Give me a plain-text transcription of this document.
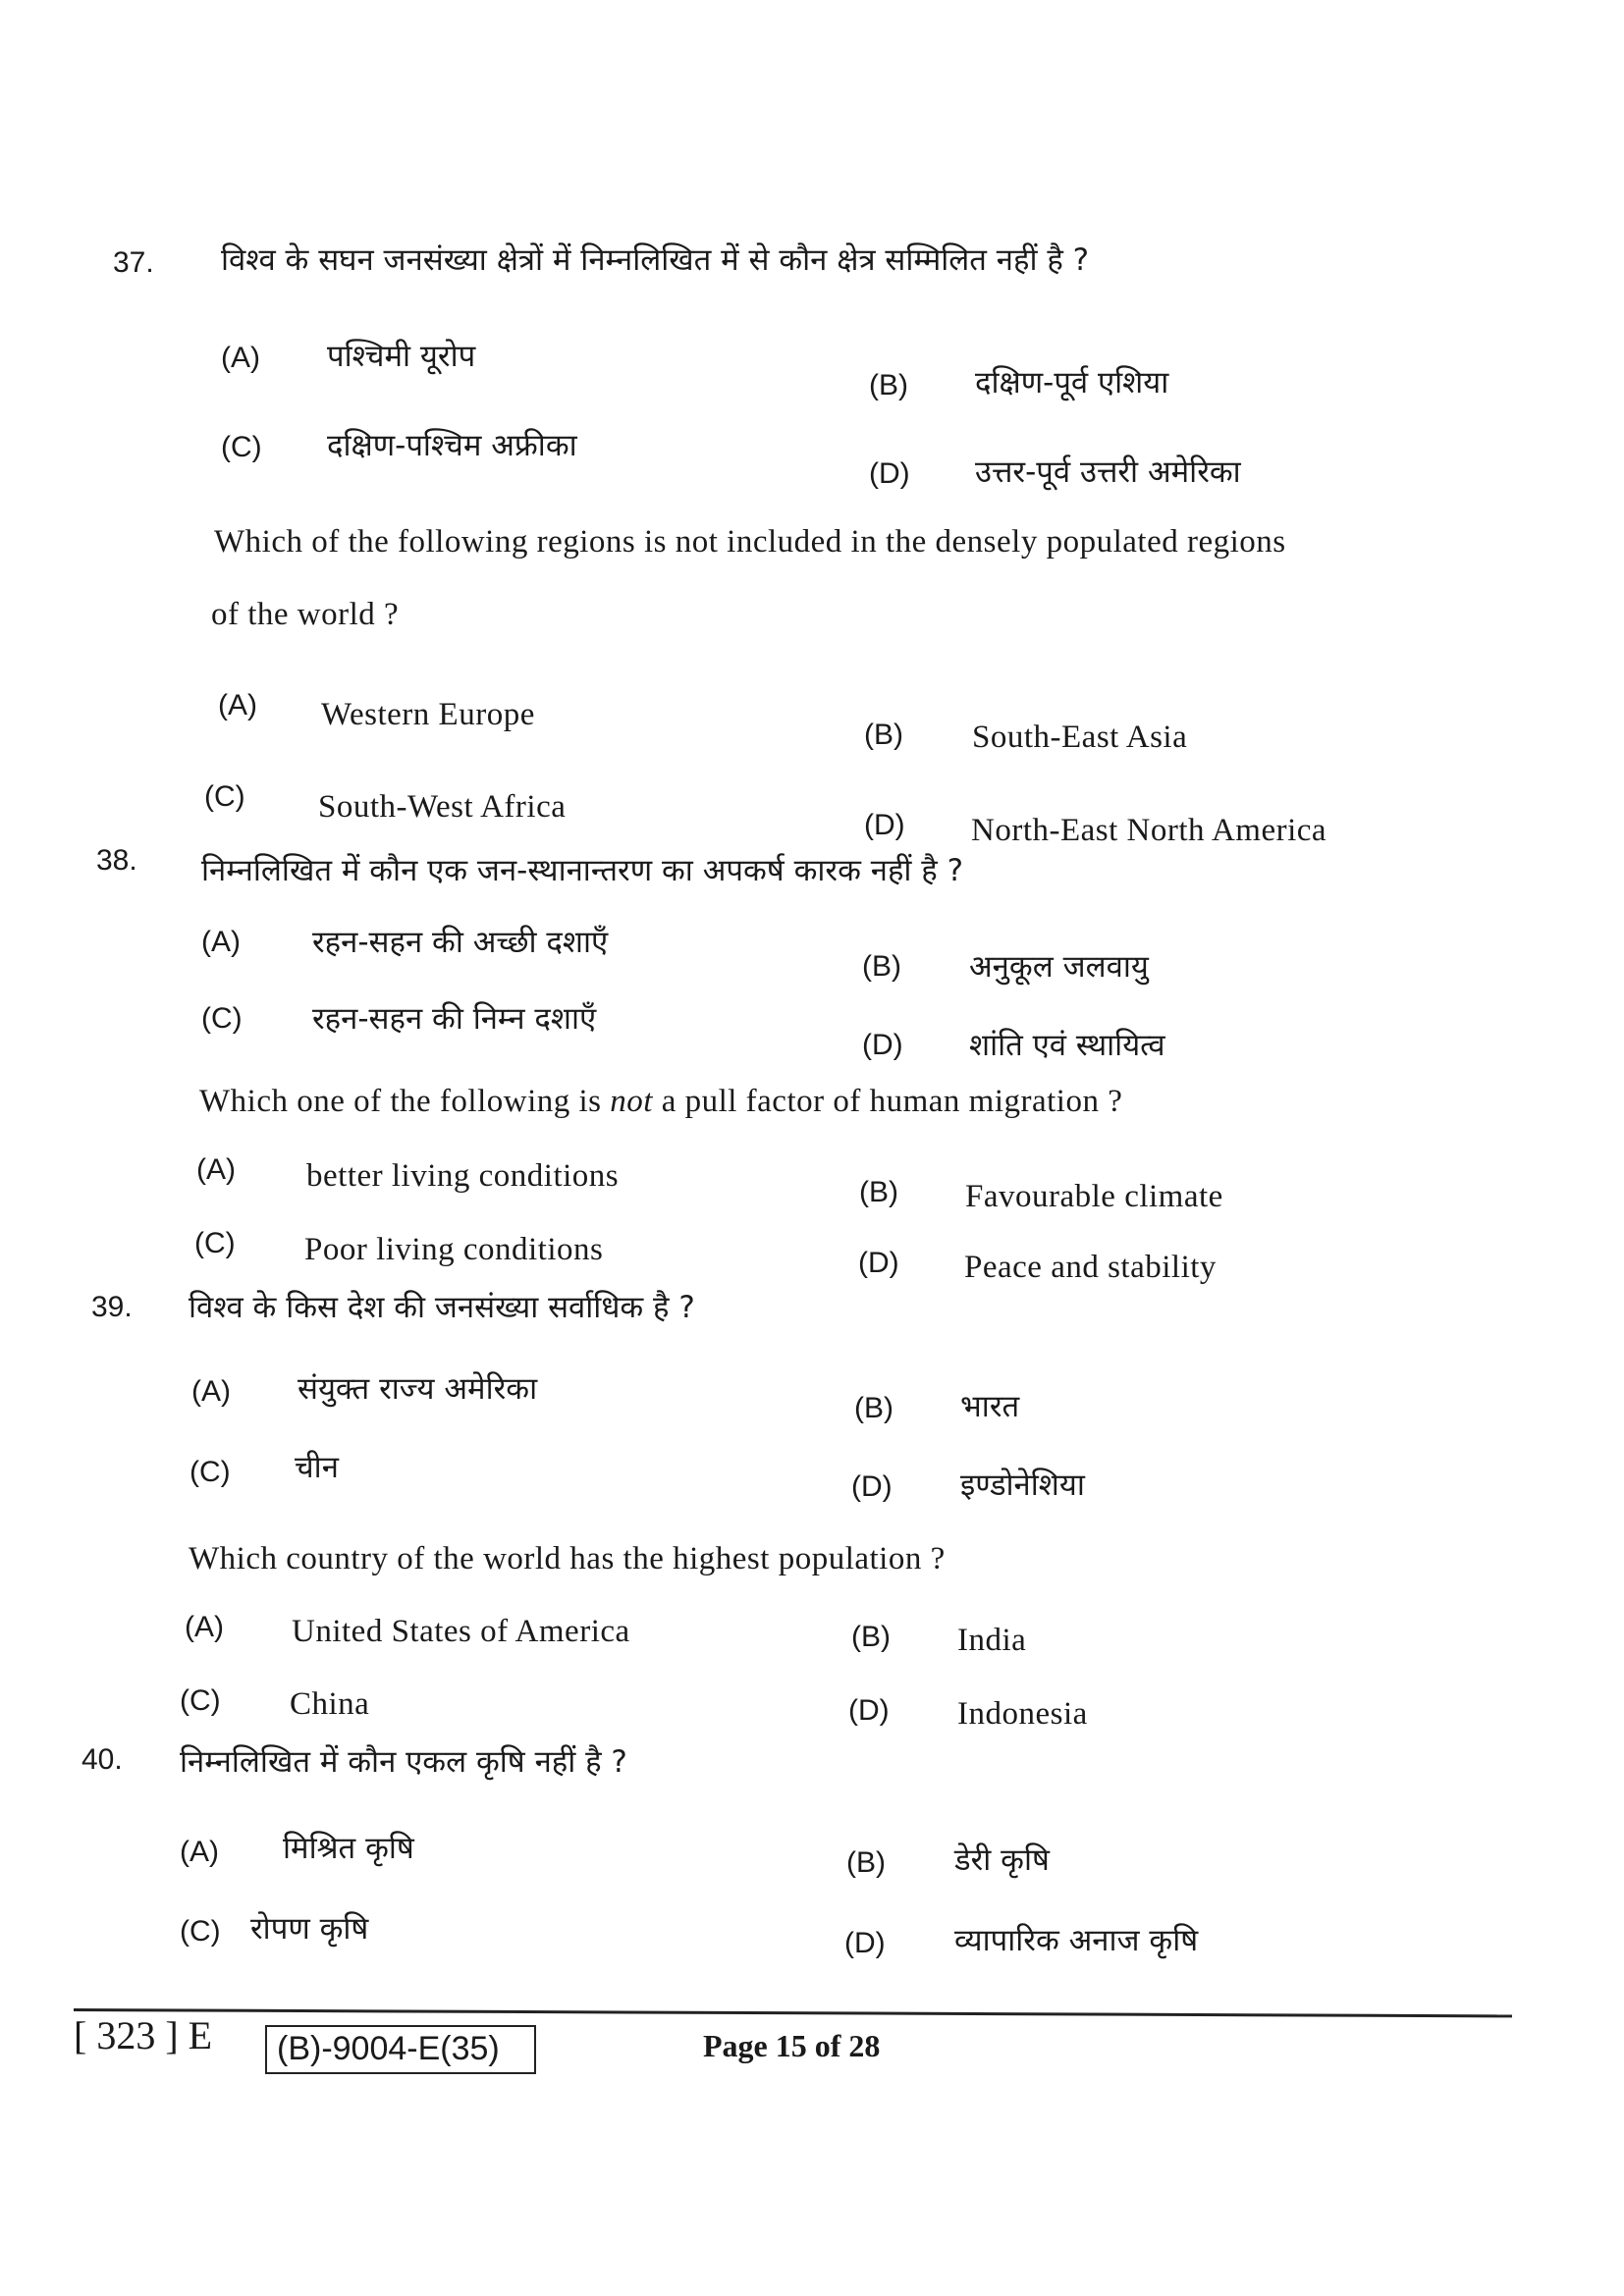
37. विश्व के सघन जनसंख्या क्षेत्रों में निम्नलिखित में से कौन क्षेत्र सम्मिलित नहीं है ?
(A) पश्चिमी यूरोप
(B) दक्षिण-पूर्व एशिया
(C) दक्षिण-पश्चिम अफ्रीका
(D) उत्तर-पूर्व उत्तरी अमेरिका
Which of the following regions is not included in the densely populated regions
of the world ?
(A) Western Europe
(B) South-East Asia
(C) South-West Africa
(D) North-East North America
38. निम्नलिखित में कौन एक जन-स्थानान्तरण का अपकर्ष कारक नहीं है ?
(A) रहन-सहन की अच्छी दशाएँ
(B) अनुकूल जलवायु
(C) रहन-सहन की निम्न दशाएँ
(D) शांति एवं स्थायित्व
Which one of the following is not a pull factor of human migration ?
(A) better living conditions	(B) Favourable climate
(C) Poor living conditions	(D) Peace and stability
39. विश्व के किस देश की जनसंख्या सर्वाधिक है ?
(A) संयुक्त राज्य अमेरिका
(B) भारत
(C) चीन
(D) इण्डोनेशिया
Which country of the world has the highest population ?
(A) United States of America	(B) India
(C) China	(D) Indonesia
40. निम्नलिखित में कौन एकल कृषि नहीं है ?
(A) मिश्रित कृषि	(B) डेरी कृषि
(C) रोपण कृषि	(D) व्यापारिक अनाज कृषि
[ 323 ] E (B)-9004-E(35)	Page 15 of 28
